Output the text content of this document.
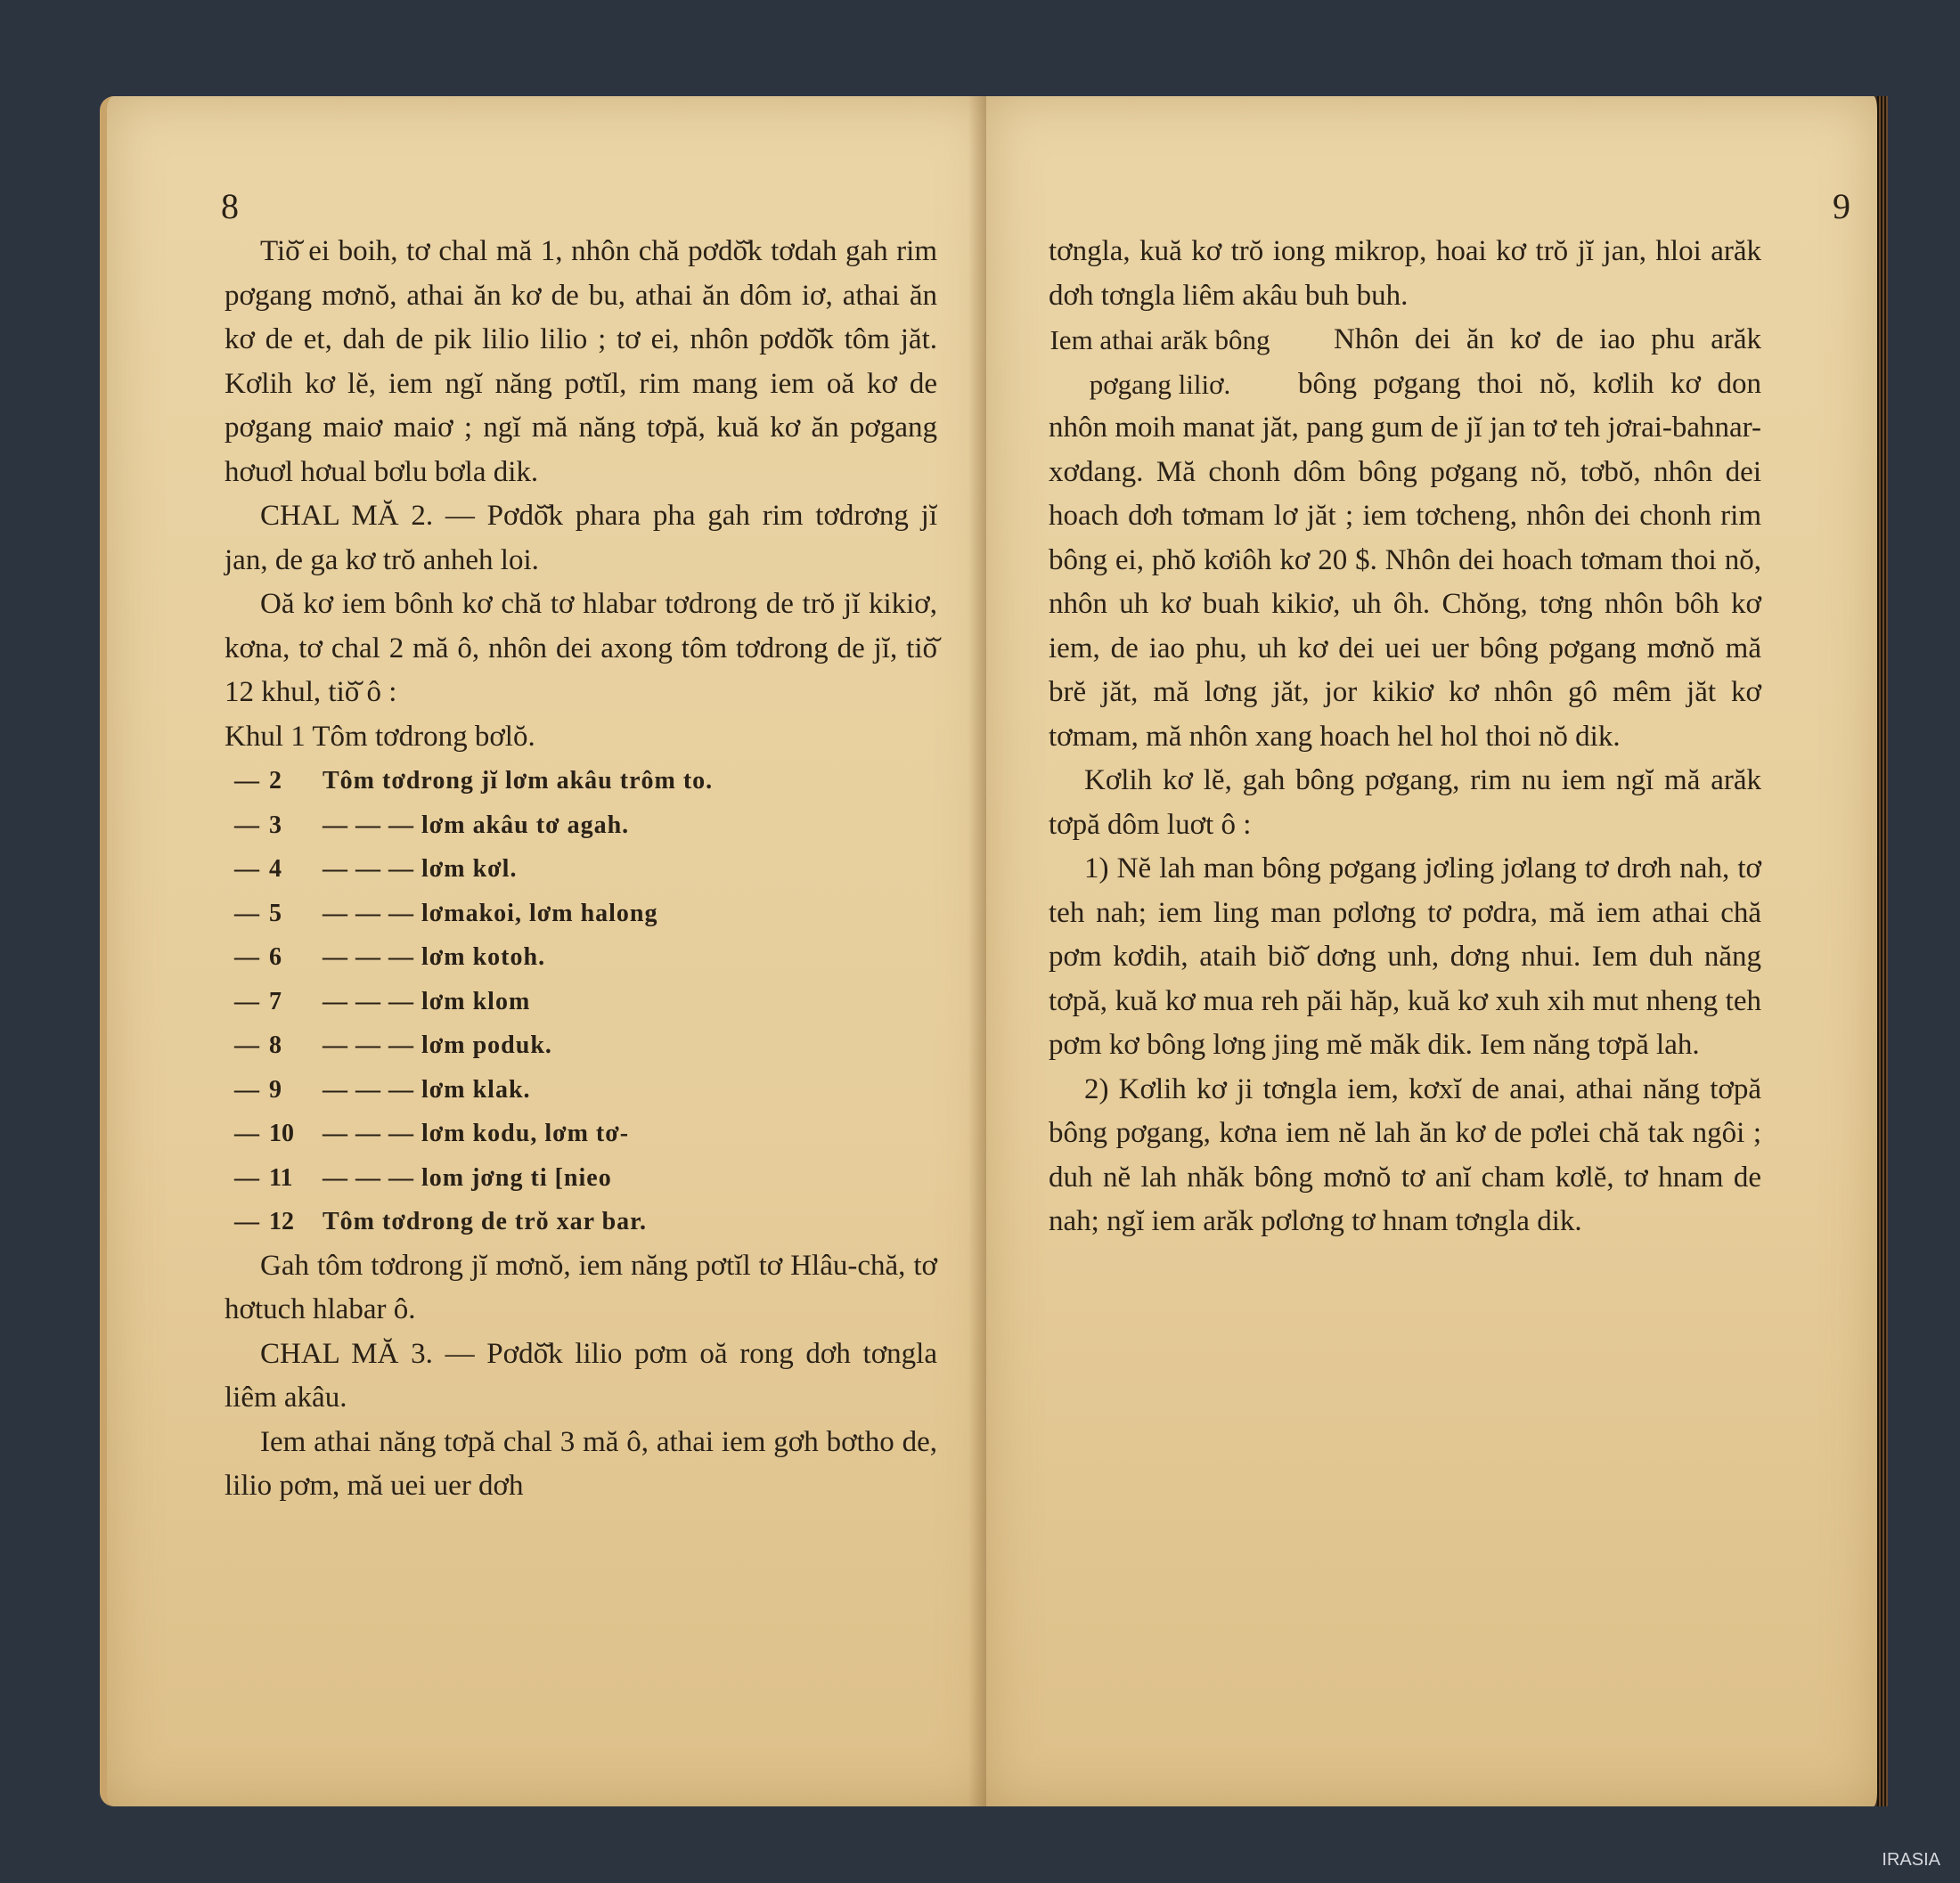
8

Tiŏ̆ ei boih, tơ chal mă 1, nhôn chă pơdŏ̆k tơdah gah rim pơgang mơnŏ, athai ăn kơ de bu, athai ăn dôm iơ, athai ăn kơ de et, dah de pik lilio lilio ; tơ ei, nhôn pơdŏ̆k tôm jăt. Kơlih kơ lĕ, iem ngĭ năng pơtĭl, rim mang iem oă kơ de pơgang maiơ maiơ ; ngĭ mă năng tơpă, kuă kơ ăn pơgang hơuơl hơual bơlu bơla dik.

CHAL MĂ 2. — Pơdŏ̆k phara pha gah rim tơdrơng jĭ jan, de ga kơ trŏ anheh loi.

Oă kơ iem bônh kơ chă tơ hlabar tơdrong de trŏ jĭ kikiơ, kơna, tơ chal 2 mă ô, nhôn dei axong tôm tơdrong de jĭ, tiŏ̆ 12 khul, tiŏ̆ ô :

Khul 1 Tôm tơdrong bơlŏ.

— 2	Tôm tơdrong jĭ lơm akâu trôm to.
— 3	— — — lơm akâu tơ agah.
— 4	— — — lơm kơl.
— 5	— — — lơmakoi, lơm halong
— 6	— — — lơm kotoh.
— 7	— — — lơm klom
— 8	— — — lơm poduk.
— 9	— — — lơm klak.
— 10	— — — lơm kodu, lơm tơ-
— 11	— — — lom jơng ti [nieo
— 12	Tôm tơdrong de trŏ xar bar.

Gah tôm tơdrong jĭ mơnŏ, iem năng pơtĭl tơ Hlâu-chă, tơ hơtuch hlabar ô.

CHAL MĂ 3. — Pơdŏ̆k lilio pơm oă rong dơh tơngla liêm akâu.

Iem athai năng tơpă chal 3 mă ô, athai iem gơh bơtho de, lilio pơm, mă uei uer dơh

9

tơngla, kuă kơ trŏ iong mikrop, hoai kơ trŏ jĭ jan, hloi arăk dơh tơngla liêm akâu buh buh.

Iem athai arăk bông pơgang liliơ.

Nhôn dei ăn kơ de iao phu arăk bông pơgang thoi nŏ, kơlih kơ don nhôn moih manat jăt, pang gum de jĭ jan tơ teh jơrai-bahnar-xơdang. Mă chonh dôm bông pơgang nŏ, tơbŏ, nhôn dei hoach dơh tơmam lơ jăt ; iem tơcheng, nhôn dei chonh rim bông ei, phŏ kơiôh kơ 20 $. Nhôn dei hoach tơmam thoi nŏ, nhôn uh kơ buah kikiơ, uh ôh. Chŏng, tơng nhôn bôh kơ iem, de iao phu, uh kơ dei uei uer bông pơgang mơnŏ mă brĕ jăt, mă lơng jăt, jor kikiơ kơ nhôn gô mêm jăt kơ tơmam, mă nhôn xang hoach hel hol thoi nŏ dik.

Kơlih kơ lĕ, gah bông pơgang, rim nu iem ngĭ mă arăk tơpă dôm luơt ô :

1) Nĕ lah man bông pơgang jơling jơlang tơ drơh nah, tơ teh nah; iem ling man pơlơng tơ pơdra, mă iem athai chă pơm kơdih, ataih biŏ̆ dơng unh, dơng nhui. Iem duh năng tơpă, kuă kơ mua reh păi hăp, kuă kơ xuh xih mut nheng teh pơm kơ bông lơng jing mĕ măk dik. Iem năng tơpă lah.

2) Kơlih kơ ji tơngla iem, kơxĭ de anai, athai năng tơpă bông pơgang, kơna iem nĕ lah ăn kơ de pơlei chă tak ngôi ; duh nĕ lah nhăk bông mơnŏ tơ anĭ cham kơlĕ, tơ hnam de nah; ngĭ iem arăk pơlơng tơ hnam tơngla dik.

IRASIA
